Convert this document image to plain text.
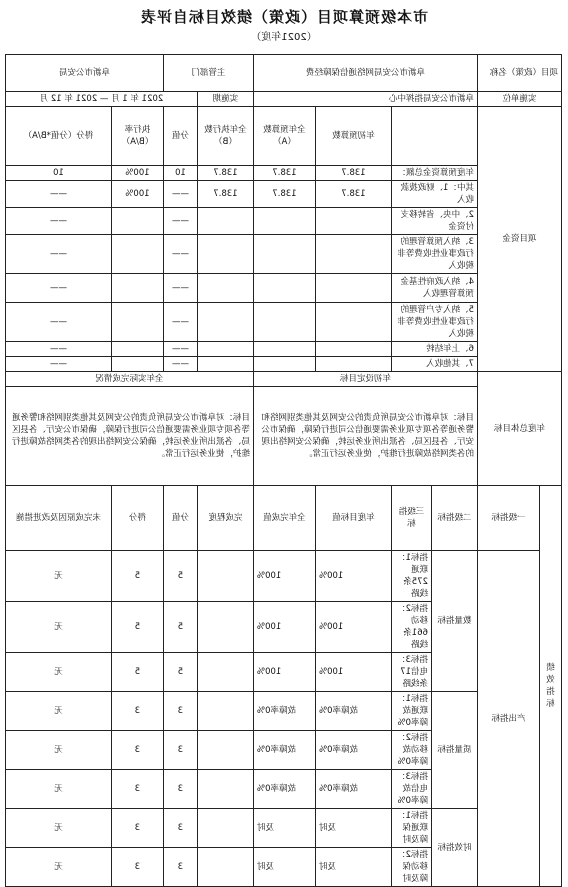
市本级预算项目（政策）绩效目标自评表
（2021年度）
项目（政策）名称		阜新市公安局网络通信保障经费				主管部门		阜新市公安局	
实施单位		阜新市公安局指挥中心				实施期	2021 年 1 月 — 2021 年 12 月		
项目资金				年初预算数	全年预算数（A）	全年执行数（B）	分值	执行率（B/A）	得分（分值*B/A）
		年度预算资金总额：		138.7	138.7	138.7	10	100%	10
		其中：1、财政拨款收入		138.7	138.7	138.7	——	100%	——
		2、中央、省转移支付资金					——		——
		3、纳入预算管理的行政事业性收费等非税收入					——		——
		4、纳入政府性基金预算管理收入					——		——
		5、纳入专户管理的行政事业性收费等非税收入					——		——
		6、上年结转					——		——
		7、其他收入					——		——
年度总体目标		年初设定目标				全年实际完成情况			
		目标：对阜新市公安局所负责的公安网及其他类别网络和警务通等各项专项业务需要通信公司进行保障，确保市公安厅、各县区局、各派出所业务运转，确保公安网络出现的各类网络故障进行维护，使业务运行正常。				目标：对阜新市公安局所负责的公安网及其他类别网络和警务通等各项专项业务需要通信公司进行保障，确保市公安厅、各县区局、各派出所业务运转，确保公安网络出现的各类网络故障进行维护，使业务运行正常。			
绩效指标	一级指标	二级指标	三级指标	年度目标值	全年完成值	完成程度	分值	得分	未完成原因及改进措施
	产出指标	数量指标	指标1：联通275条线路	100%	100%		5	5	无
			指标2：移动661条线路	100%	100%		5	5	无
			指标3：电信17条线路	100%	100%		5	5	无
		质量指标	指标1：联通故障率0%	故障率0%	故障率0%		3	3	无
			指标2：移动故障率0%	故障率0%	故障率0%		3	3	无
			指标3：电信故障率0%	故障率0%	故障率0%		3	3	无
		时效指标	指标1：联通保障及时	及时	及时		3	3	无
			指标2：移动保障及时	及时	及时		3	3	无
